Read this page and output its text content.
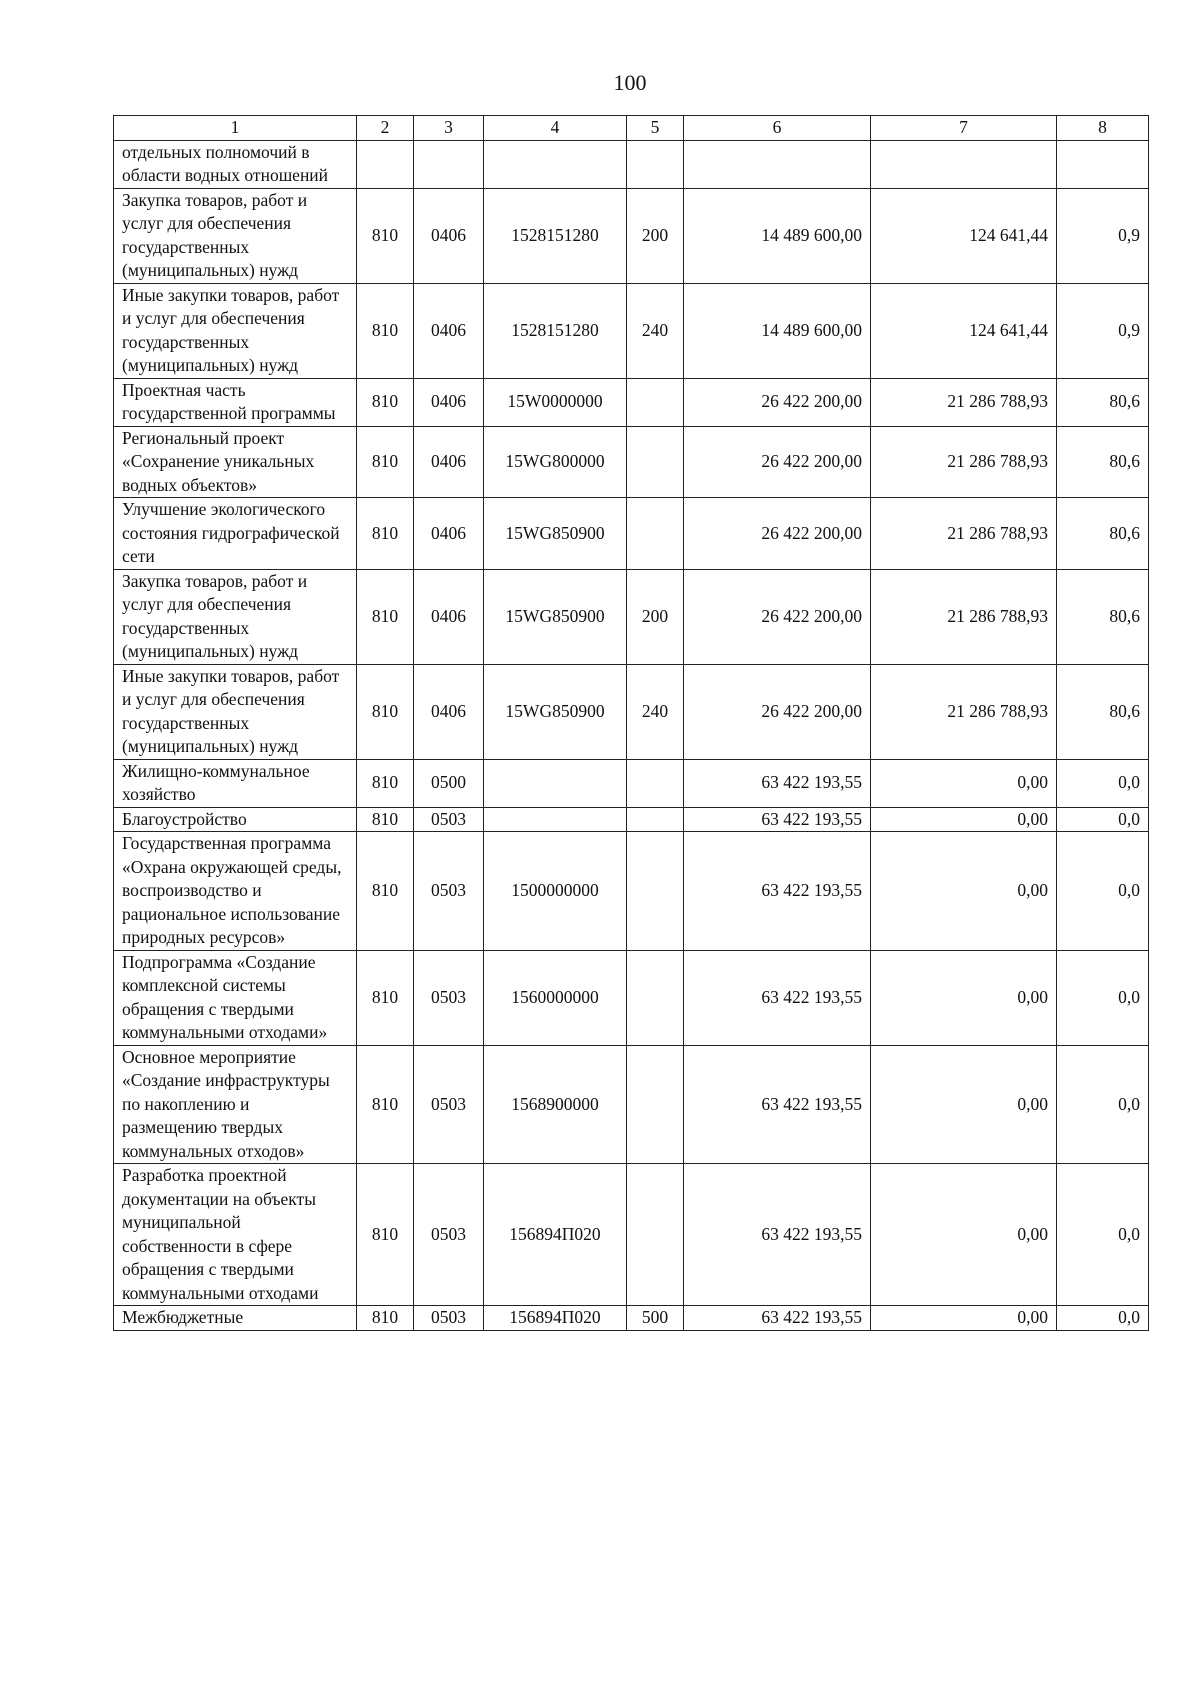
100
1	2	3	4	5	6	7	8
отдельных полномочий в области водных отношений							
Закупка товаров, работ и услуг для обеспечения государственных (муниципальных) нужд	810	0406	1528151280	200	14 489 600,00	124 641,44	0,9
Иные закупки товаров, работ и услуг для обеспечения государственных (муниципальных) нужд	810	0406	1528151280	240	14 489 600,00	124 641,44	0,9
Проектная часть государственной программы	810	0406	15W0000000		26 422 200,00	21 286 788,93	80,6
Региональный проект «Сохранение уникальных водных объектов»	810	0406	15WG800000		26 422 200,00	21 286 788,93	80,6
Улучшение экологического состояния гидрографической сети	810	0406	15WG850900		26 422 200,00	21 286 788,93	80,6
Закупка товаров, работ и услуг для обеспечения государственных (муниципальных) нужд	810	0406	15WG850900	200	26 422 200,00	21 286 788,93	80,6
Иные закупки товаров, работ и услуг для обеспечения государственных (муниципальных) нужд	810	0406	15WG850900	240	26 422 200,00	21 286 788,93	80,6
Жилищно-коммунальное хозяйство	810	0500			63 422 193,55	0,00	0,0
Благоустройство	810	0503			63 422 193,55	0,00	0,0
Государственная программа «Охрана окружающей среды, воспроизводство и рациональное использование природных ресурсов»	810	0503	1500000000		63 422 193,55	0,00	0,0
Подпрограмма «Создание комплексной системы обращения с твердыми коммунальными отходами»	810	0503	1560000000		63 422 193,55	0,00	0,0
Основное мероприятие «Создание инфраструктуры по накоплению и размещению твердых коммунальных отходов»	810	0503	1568900000		63 422 193,55	0,00	0,0
Разработка проектной документации на объекты муниципальной собственности в сфере обращения с твердыми коммунальными отходами	810	0503	156894П020		63 422 193,55	0,00	0,0
Межбюджетные	810	0503	156894П020	500	63 422 193,55	0,00	0,0
